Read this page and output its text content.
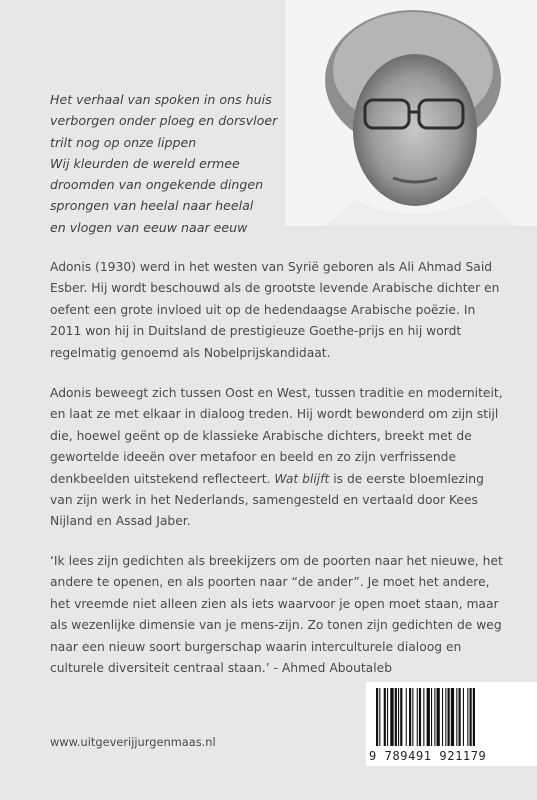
Het verhaal van spoken in ons huis
verborgen onder ploeg en dorsvloer
trilt nog op onze lippen
Wij kleurden de wereld ermee
droomden van ongekende dingen
sprongen van heelal naar heelal
en vlogen van eeuw naar eeuw
Adonis (1930) werd in het westen van Syrië geboren als Ali Ahmad Said Esber. Hij wordt beschouwd als de grootste levende Arabische dichter en oefent een grote invloed uit op de hedendaagse Arabische poëzie. In 2011 won hij in Duitsland de prestigieuze Goethe-prijs en hij wordt regelmatig genoemd als Nobelprijskandidaat.
Adonis beweegt zich tussen Oost en West, tussen traditie en moderniteit, en laat ze met elkaar in dialoog treden. Hij wordt bewonderd om zijn stijl die, hoewel geënt op de klassieke Arabische dichters, breekt met de gewortelde ideeën over metafoor en beeld en zo zijn verfrissende denkbeelden uitstekend reflecteert. Wat blijft is de eerste bloemlezing van zijn werk in het Nederlands, samengesteld en vertaald door Kees Nijland en Assad Jaber.
‘Ik lees zijn gedichten als breekijzers om de poorten naar het nieuwe, het andere te openen, en als poorten naar “de ander”. Je moet het andere, het vreemde niet alleen zien als iets waarvoor je open moet staan, maar als wezenlijke dimensie van je mens-zijn. Zo tonen zijn gedichten de weg naar een nieuw soort burgerschap waarin interculturele dialoog en culturele diversiteit centraal staan.’ - Ahmed Aboutaleb
www.uitgeverijjurgenmaas.nl
9 789491 921179
